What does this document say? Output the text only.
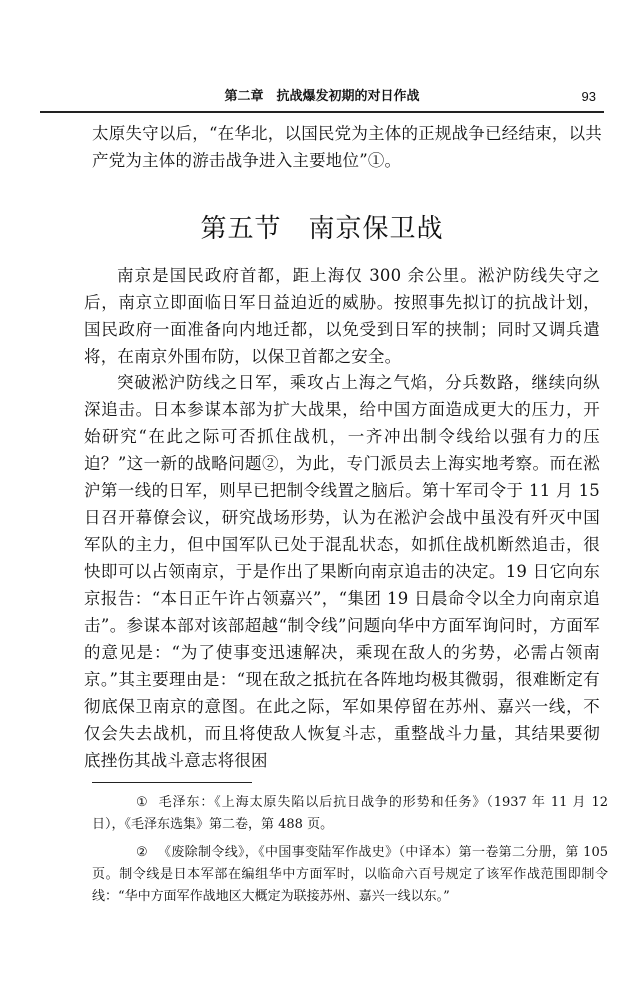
第二章　抗战爆发初期的对日作战	93

太原失守以后，“在华北，以国民党为主体的正规战争已经结束，以共产党为主体的游击战争进入主要地位”①。

第五节　南京保卫战

南京是国民政府首都，距上海仅 300 余公里。淞沪防线失守之后，南京立即面临日军日益迫近的威胁。按照事先拟订的抗战计划，国民政府一面准备向内地迁都，以免受到日军的挟制；同时又调兵遣将，在南京外围布防，以保卫首都之安全。

突破淞沪防线之日军，乘攻占上海之气焰，分兵数路，继续向纵深追击。日本参谋本部为扩大战果，给中国方面造成更大的压力，开始研究“在此之际可否抓住战机，一齐冲出制令线给以强有力的压迫？”这一新的战略问题②，为此，专门派员去上海实地考察。而在淞沪第一线的日军，则早已把制令线置之脑后。第十军司令于 11 月 15 日召开幕僚会议，研究战场形势，认为在淞沪会战中虽没有歼灭中国军队的主力，但中国军队已处于混乱状态，如抓住战机断然追击，很快即可以占领南京，于是作出了果断向南京追击的决定。19 日它向东京报告：“本日正午许占领嘉兴”，“集团 19 日晨命令以全力向南京追击”。参谋本部对该部超越“制令线”问题向华中方面军询问时，方面军的意见是：“为了使事变迅速解决，乘现在敌人的劣势，必需占领南京。”其主要理由是：“现在敌之抵抗在各阵地均极其微弱，很难断定有彻底保卫南京的意图。在此之际，军如果停留在苏州、嘉兴一线，不仅会失去战机，而且将使敌人恢复斗志，重整战斗力量，其结果要彻底挫伤其战斗意志将很困

① 毛泽东：《上海太原失陷以后抗日战争的形势和任务》（1937 年 11 月 12 日），《毛泽东选集》第二卷，第 488 页。

② 《废除制令线》，《中国事变陆军作战史》（中译本）第一卷第二分册，第 105 页。制令线是日本军部在编组华中方面军时，以临命六百号规定了该军作战范围即制令线：“华中方面军作战地区大概定为联接苏州、嘉兴一线以东。”
